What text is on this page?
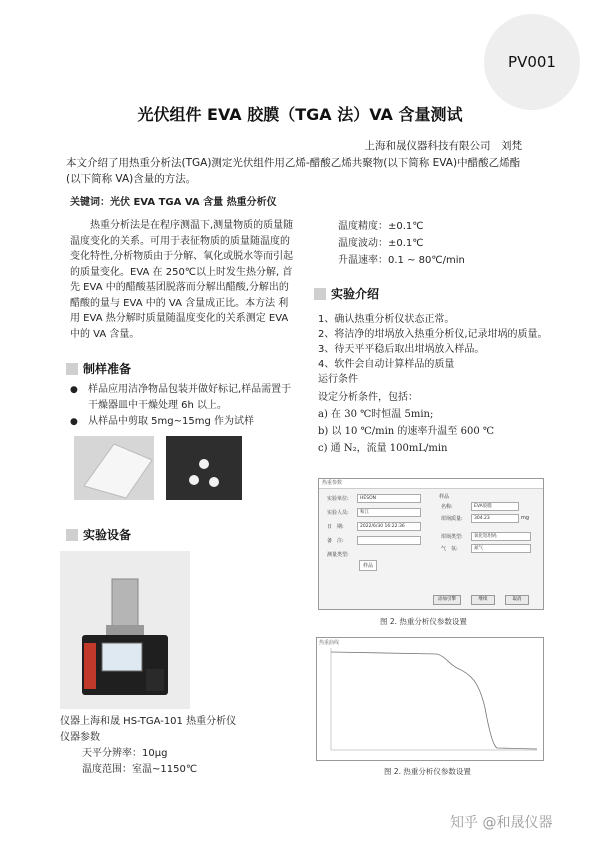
PV001
光伏组件 EVA 胶膜（TGA 法）VA 含量测试
上海和晟仪器科技有限公司　刘梵
本文介绍了用热重分析法(TGA)测定光伏组件用乙烯-醋酸乙烯共聚物(以下简称 EVA)中醋酸乙烯酯(以下简称 VA)含量的方法。
关键词：光伏 EVA TGA VA 含量 热重分析仪
热重分析法是在程序测温下,测量物质的质量随温度变化的关系。可用于表征物质的质量随温度的变化特性,分析物质由于分解、氧化或脱水等而引起的质量变化。EVA 在 250℃以上时发生热分解, 首先 EVA 中的醋酸基团脱落而分解出醋酸,分解出的醋酸的量与 EVA 中的 VA 含量成正比。本方法 利用 EVA 热分解时质量随温度变化的关系测定 EVA 中的 VA 含量。
制样准备
●	样品应用洁净物品包装并做好标记,样品需置于干燥器皿中干燥处理 6h 以上。
●	从样品中剪取 5mg~15mg 作为试样
实验设备
仪器上海和晟 HS-TGA-101 热重分析仪
仪器参数
天平分辨率：10μg
温度范围：室温~1150℃
温度精度：±0.1℃
温度波动：±0.1℃
升温速率：0.1 ~ 80℃/min
实验介绍
1、确认热重分析仪状态正常。
2、将洁净的坩埚放入热重分析仪,记录坩埚的质量。
3、待天平平稳后取出坩埚放入样品。
4、软件会自动计算样品的质量
运行条件
设定分析条件，包括：
a) 在 30 ℃时恒温 5min;
b) 以 10 ℃/min 的速率升温至 600 ℃
c) 通 N₂，流量 100mL/min
热重参数
实验单位:	HESON
实验人员:	和江
日　期:	2022/6/30 16:22:36
备　注:
测量类型:
样品
样品
名称:	EVA胶膜
坩埚质量:	304.23	mg
坩埚类型:	氧化铝坩埚
气　氛:	氮气
添加引擎	继续	取消
图 2. 热重分析仪参数设置
热重曲线
图 2. 热重分析仪参数设置
知乎 @和晟仪器
